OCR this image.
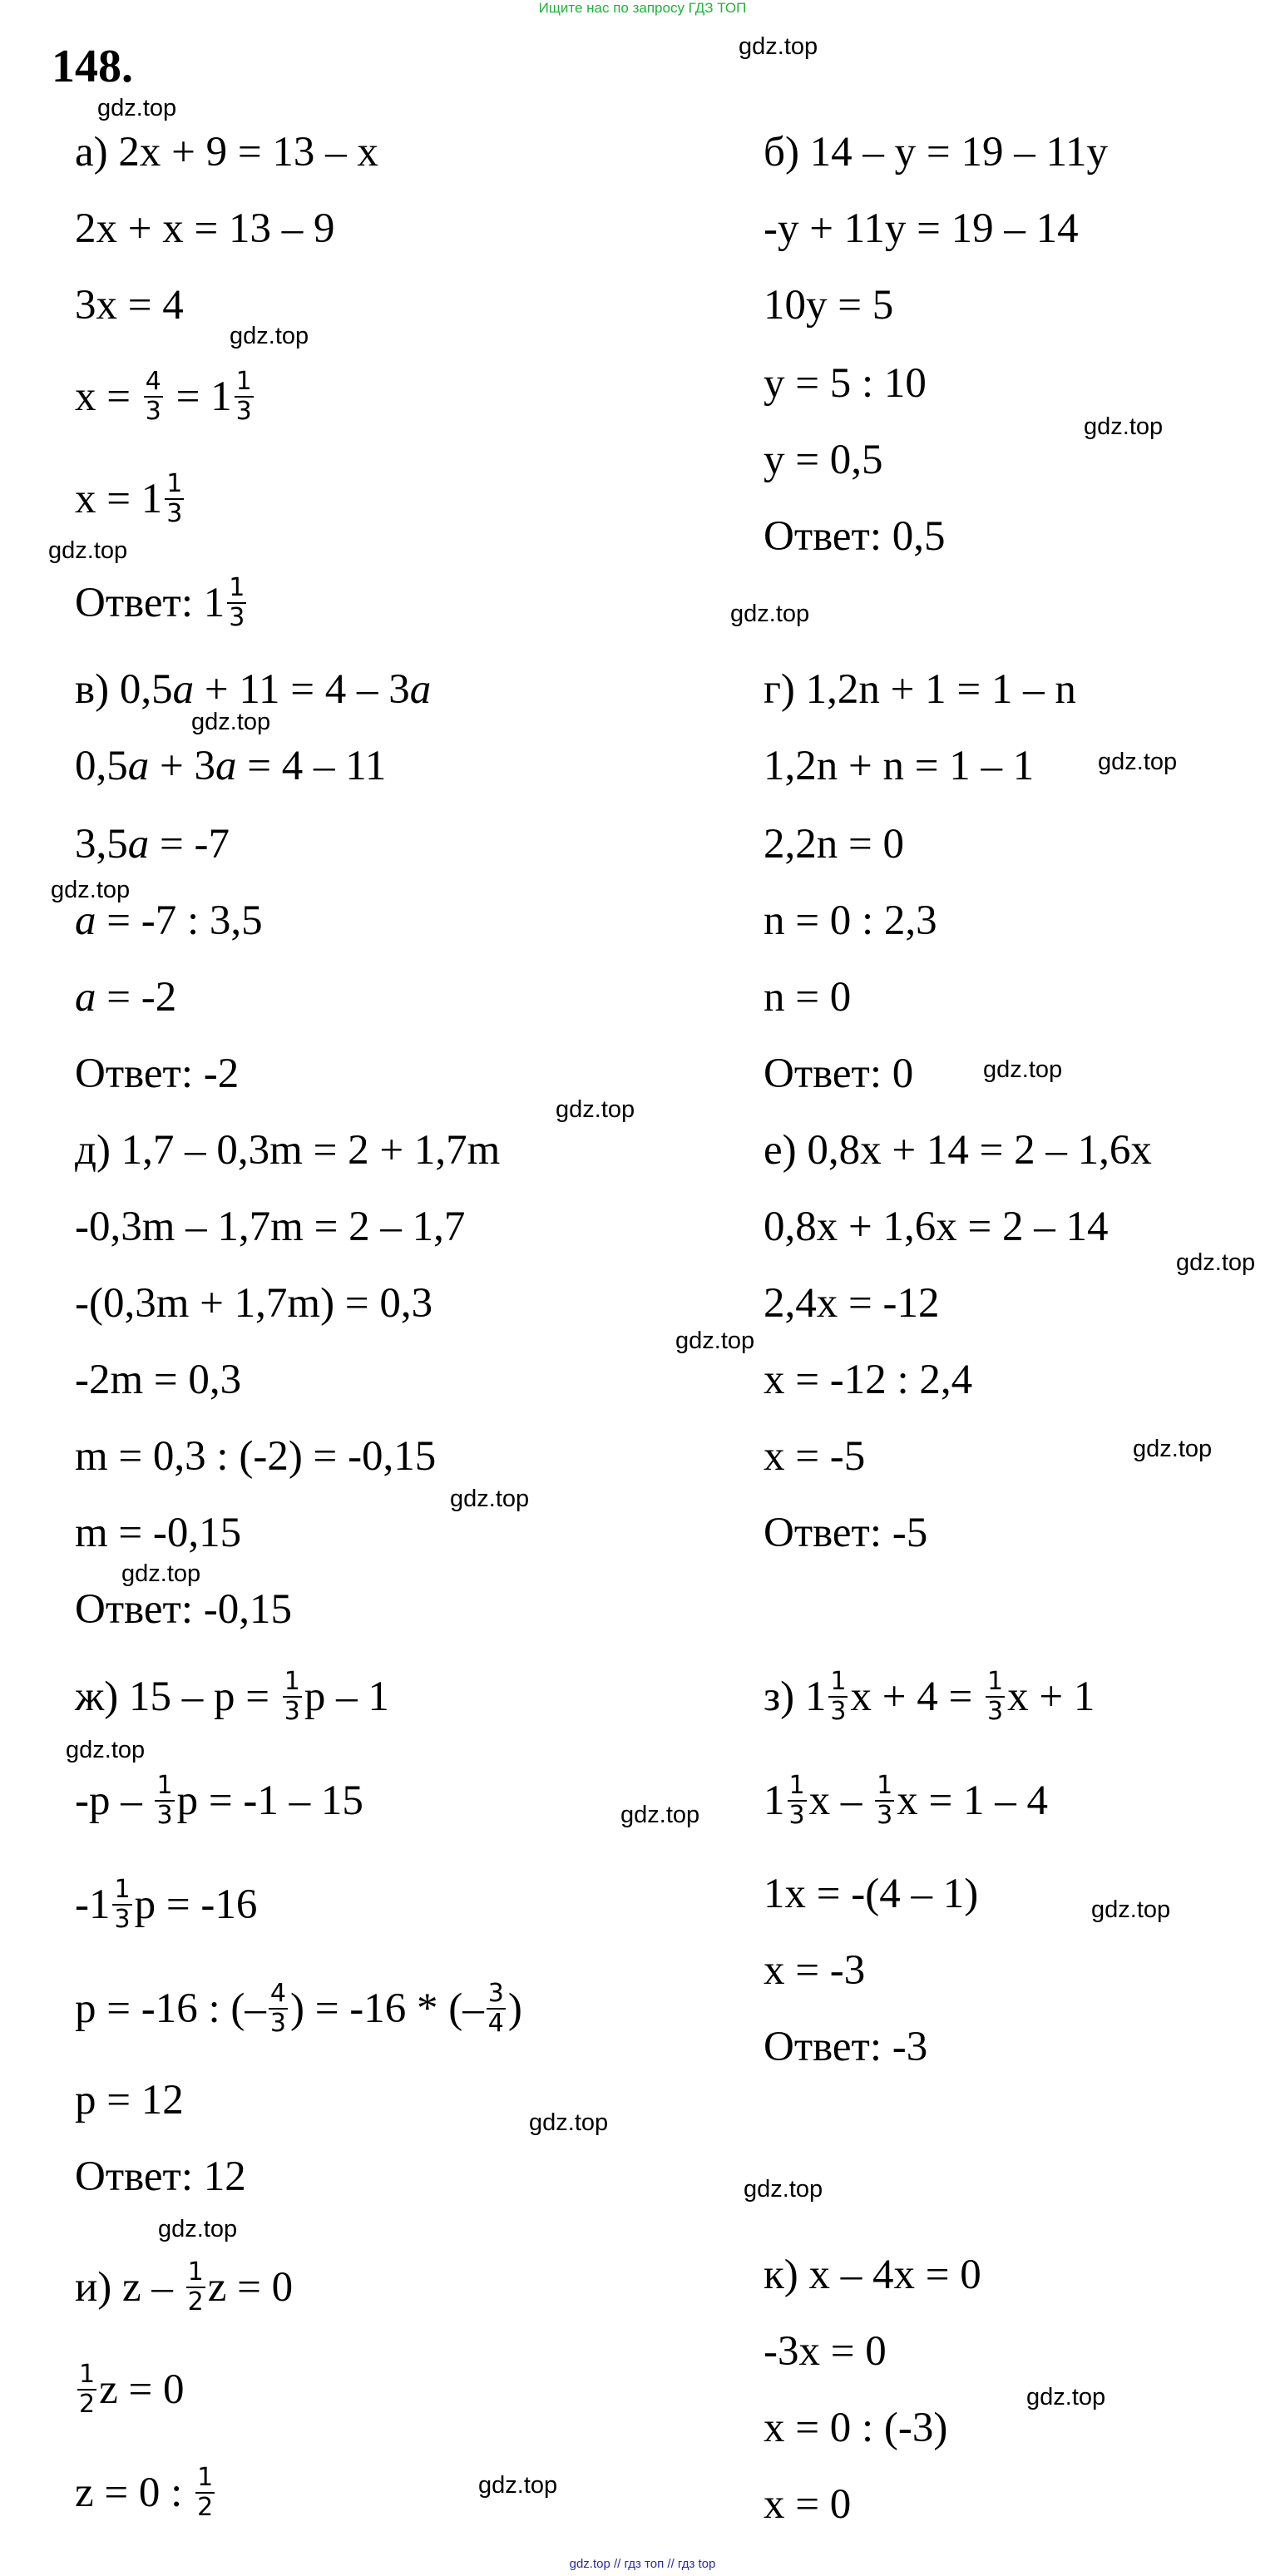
Ищите нас по запросу ГДЗ ТОП
148.	gdz.top
gdz.top
gdz.top
gdz.top
gdz.top
gdz.top
gdz.top
gdz.top
gdz.top
gdz.top
gdz.top
gdz.top
gdz.top
gdz.top
gdz.top
gdz.top
gdz.top
gdz.top
gdz.top
gdz.top
gdz.top
gdz.top
gdz.top
gdz.top
а) 2x + 9 = 13 – x
2x + x = 13 – 9
3x = 4
$x = \frac{4}{3} = 1 \frac{1}{3}$
$x = 1 \frac{1}{3}$
Ответ: $1 \frac{1}{3}$
б) 14 – y = 19 – 11y
-y + 11y = 19 – 14
10y = 5
y = 5 : 10
y = 0,5
Ответ: 0,5
в) 0,5a + 11 = 4 – 3a
0,5a + 3a = 4 – 11
3,5a = -7
a = -7 : 3,5
a = -2
Ответ: -2
г) 1,2n + 1 = 1 – n
1,2n + n = 1 – 1
2,2n = 0
n = 0 : 2,3
n = 0
Ответ: 0
д) 1,7 – 0,3m = 2 + 1,7m
-0,3m – 1,7m = 2 – 1,7
-(0,3m + 1,7m) = 0,3
-2m = 0,3
m = 0,3 : (-2) = -0,15
m = -0,15
Ответ: -0,15
е) 0,8x + 14 = 2 – 1,6x
0,8x + 1,6x = 2 – 14
2,4x = -12
x = -12 : 2,4
x = -5
Ответ: -5
ж) $15 - p = \frac{1}{3}$ p – 1
$-p - \frac{1}{3}$ p = -1 – 15
$-1 \frac{1}{3}$ p = -16
p = -16 : (– $\frac{4}{3}$ ) = -16 * (– $\frac{3}{4}$ )
p = 12
Ответ: 12
з) $1 \frac{1}{3}$ $x + 4 = \frac{1}{3}$ x + 1
$1 \frac{1}{3}$ x – $\frac{1}{3}$ x = 1 – 4
1x = -(4 – 1)
x = -3
Ответ: -3
и) z – $\frac{1}{2}$ z = 0
$\frac{1}{2}$ z = 0
z = 0 : $\frac{1}{2}$
к) x – 4x = 0
-3x = 0
x = 0 : (-3)
x = 0
gdz.top // гдз топ // гдз top
